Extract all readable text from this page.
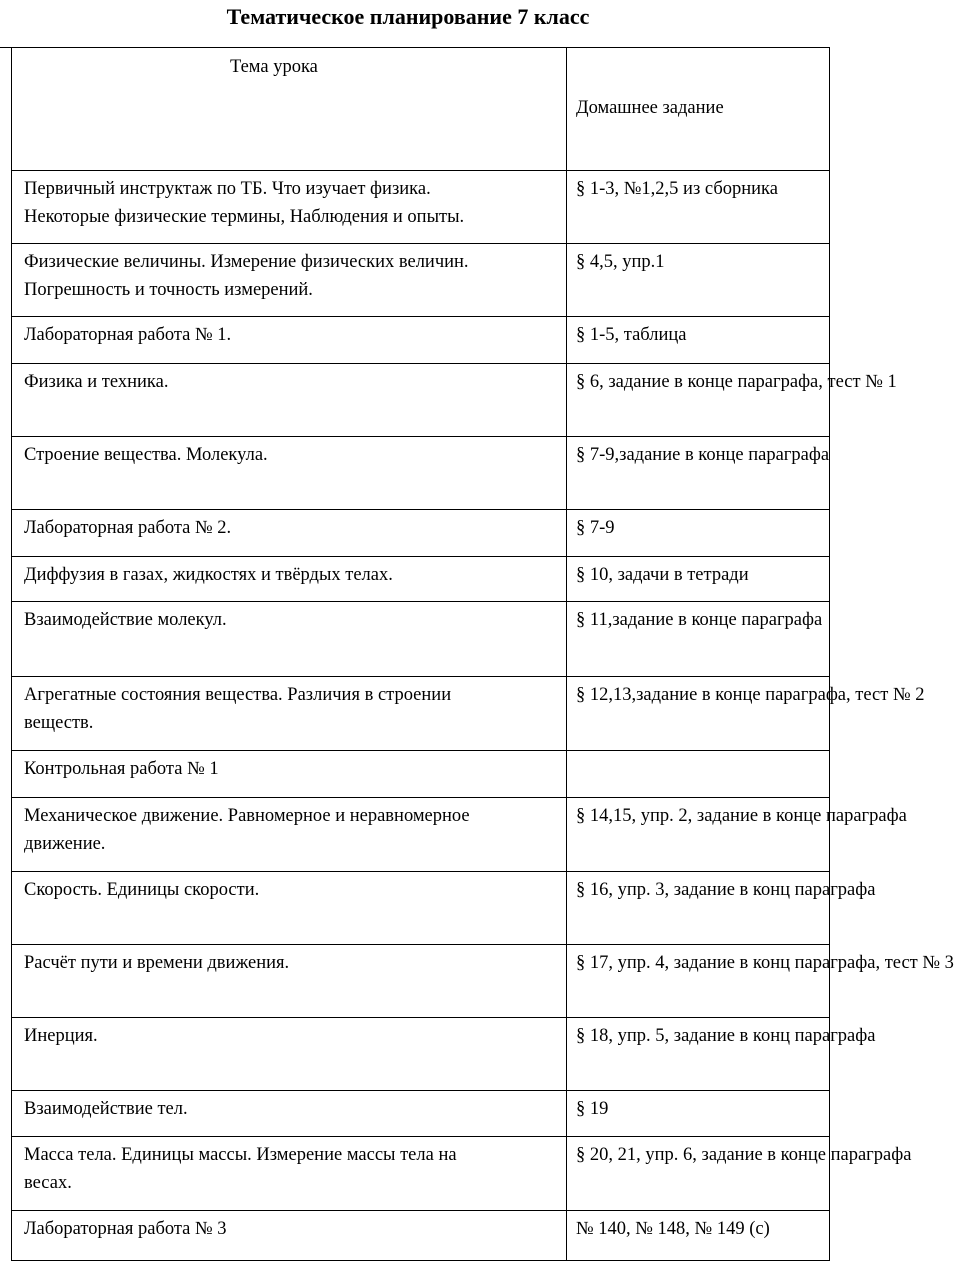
Тематическое планирование 7 класс
Тема урока	Домашнее задание
Первичный инструктаж по ТБ. Что изучает физика.
Некоторые физические термины, Наблюдения и опыты.	§ 1-3, №1,2,5 из сборника
Физические величины. Измерение физических величин.
Погрешность и точность измерений.	§ 4,5, упр.1
Лабораторная работа № 1.	§ 1-5, таблица
Физика и техника.	§ 6, задание в конце параграфа, тест № 1
Строение вещества. Молекула.	§ 7-9,задание в конце параграфа
Лабораторная работа № 2.	§ 7-9
Диффузия в газах, жидкостях и твёрдых телах.	§ 10, задачи в тетради
Взаимодействие молекул.	§ 11,задание в конце параграфа
Агрегатные состояния вещества. Различия в строении
веществ.	§ 12,13,задание в конце параграфа, тест № 2
Контрольная работа № 1	
Механическое движение. Равномерное и неравномерное
движение.	§ 14,15, упр. 2, задание в конце параграфа
Скорость. Единицы скорости.	§ 16, упр. 3, задание в конц параграфа
Расчёт пути и времени движения.	§ 17, упр. 4, задание в конц параграфа, тест № 3
Инерция.	§ 18, упр. 5, задание в конц параграфа
Взаимодействие тел.	§ 19
Масса тела. Единицы массы. Измерение массы тела на
весах.	§ 20, 21, упр. 6, задание в конце параграфа
Лабораторная работа № 3	№ 140, № 148, № 149 (с)
